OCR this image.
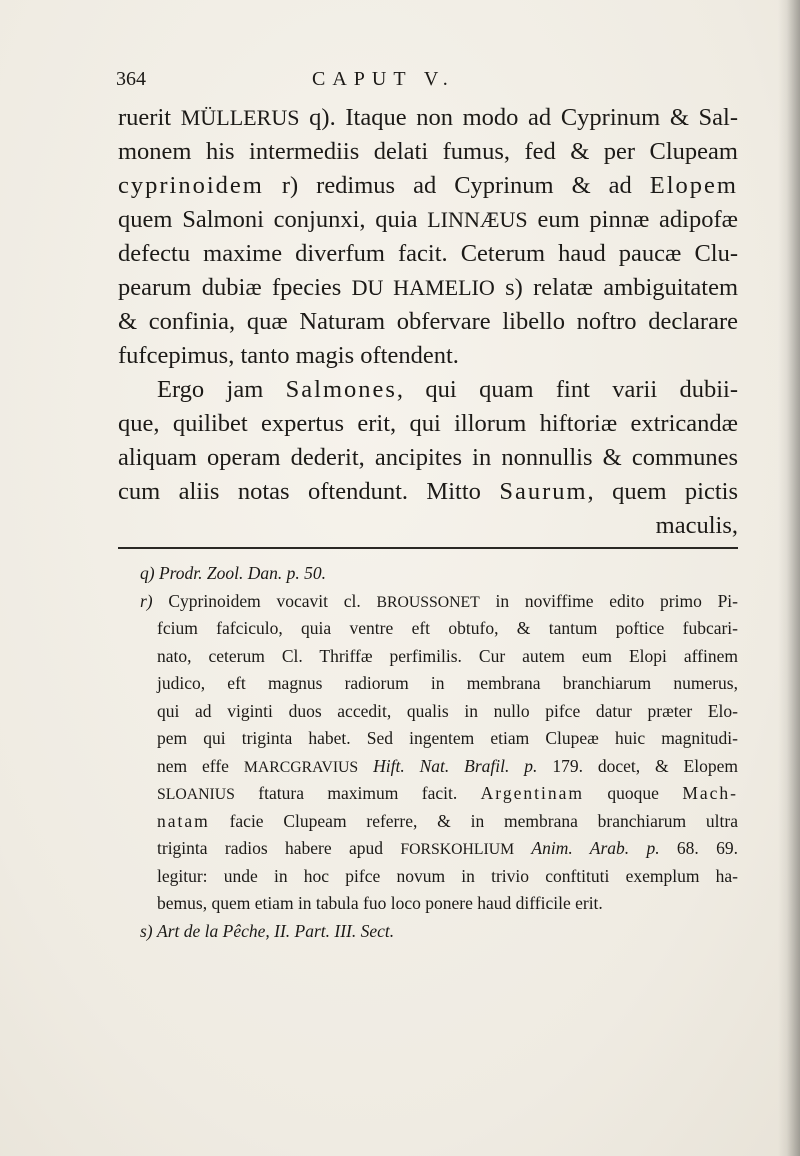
364	CAPUT V.
ruerit MÜLLERUS q). Itaque non modo ad Cyprinum & Sal-
monem his intermediis delati fumus, fed & per Clupeam
cyprinoidem r) redimus ad Cyprinum & ad Elopem
quem Salmoni conjunxi, quia LINNÆUS eum pinnæ adipofæ
defectu maxime diverfum facit. Ceterum haud paucæ Clu-
pearum dubiæ fpecies DU HAMELIO s) relatæ ambiguitatem
& confinia, quæ Naturam obfervare libello noftro declarare
fufcepimus, tanto magis oftendent.
Ergo jam Salmones, qui quam fint varii dubii-
que, quilibet expertus erit, qui illorum hiftoriæ extricandæ
aliquam operam dederit, ancipites in nonnullis & communes
cum aliis notas oftendunt. Mitto Saurum, quem pictis
maculis,
q) Prodr. Zool. Dan. p. 50.
r) Cyprinoidem vocavit cl. BROUSSONET in noviffime edito primo Pi-
fcium fafciculo, quia ventre eft obtufo, & tantum poftice fubcari-
nato, ceterum Cl. Thriffæ perfimilis. Cur autem eum Elopi affinem
judico, eft magnus radiorum in membrana branchiarum numerus,
qui ad viginti duos accedit, qualis in nullo pifce datur præter Elo-
pem qui triginta habet. Sed ingentem etiam Clupeæ huic magnitudi-
nem effe MARCGRAVIUS Hift. Nat. Brafil. p. 179. docet, & Elopem
SLOANIUS ftatura maximum facit. Argentinam quoque Mach-
natam facie Clupeam referre, & in membrana branchiarum ultra
triginta radios habere apud FORSKOHLIUM Anim. Arab. p. 68. 69.
legitur: unde in hoc pifce novum in trivio conftituti exemplum ha-
bemus, quem etiam in tabula fuo loco ponere haud difficile erit.
s) Art de la Pêche, II. Part. III. Sect.
